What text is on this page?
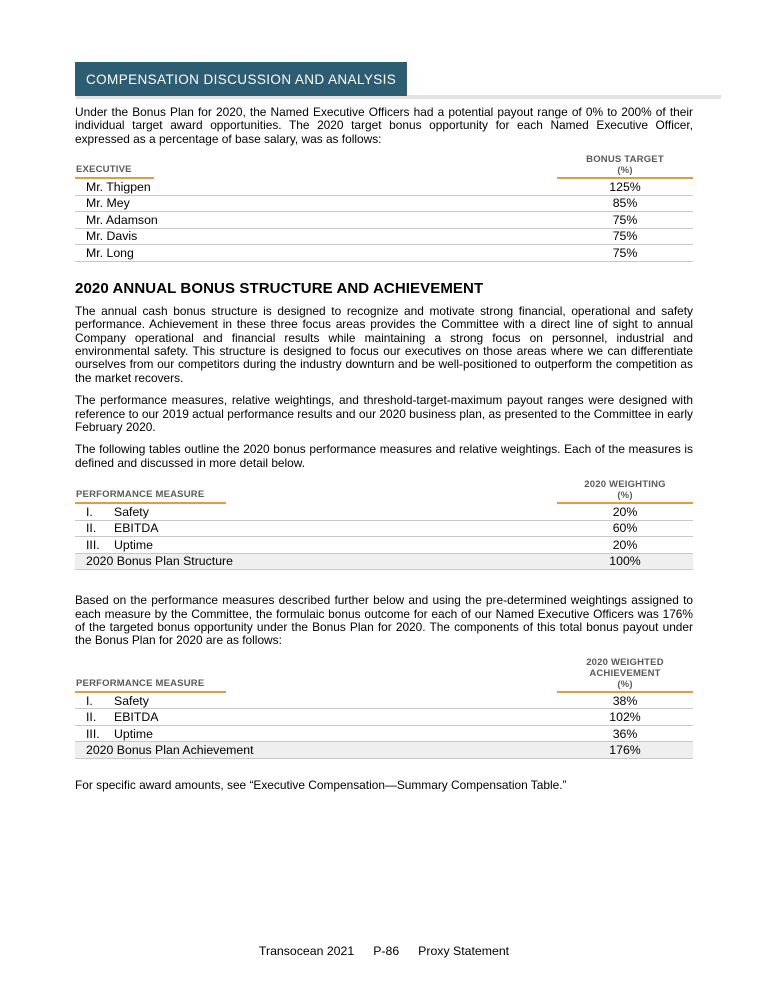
COMPENSATION DISCUSSION AND ANALYSIS

Under the Bonus Plan for 2020, the Named Executive Officers had a potential payout range of 0% to 200% of their individual target award opportunities. The 2020 target bonus opportunity for each Named Executive Officer, expressed as a percentage of base salary, was as follows:

EXECUTIVE
BONUS TARGET
(%)
Mr. Thigpen	125%
Mr. Mey	85%
Mr. Adamson	75%
Mr. Davis	75%
Mr. Long	75%
2020 ANNUAL BONUS STRUCTURE AND ACHIEVEMENT

The annual cash bonus structure is designed to recognize and motivate strong financial, operational and safety performance. Achievement in these three focus areas provides the Committee with a direct line of sight to annual Company operational and financial results while maintaining a strong focus on personnel, industrial and environmental safety. This structure is designed to focus our executives on those areas where we can differentiate ourselves from our competitors during the industry downturn and be well-positioned to outperform the competition as the market recovers.

The performance measures, relative weightings, and threshold-target-maximum payout ranges were designed with reference to our 2019 actual performance results and our 2020 business plan, as presented to the Committee in early February 2020.

The following tables outline the 2020 bonus performance measures and relative weightings. Each of the measures is defined and discussed in more detail below.

PERFORMANCE MEASURE
2020 WEIGHTING
(%)
I.	Safety	20%
II.	EBITDA	60%
III.	Uptime	20%
2020 Bonus Plan Structure	100%

Based on the performance measures described further below and using the pre-determined weightings assigned to each measure by the Committee, the formulaic bonus outcome for each of our Named Executive Officers was 176% of the targeted bonus opportunity under the Bonus Plan for 2020. The components of this total bonus payout under the Bonus Plan for 2020 are as follows:

PERFORMANCE MEASURE
2020 WEIGHTED
ACHIEVEMENT
(%)
I.	Safety	38%
II.	EBITDA	102%
III.	Uptime	36%
2020 Bonus Plan Achievement	176%

For specific award amounts, see “Executive Compensation—Summary Compensation Table.”

Transocean 2021 P-86 Proxy Statement
